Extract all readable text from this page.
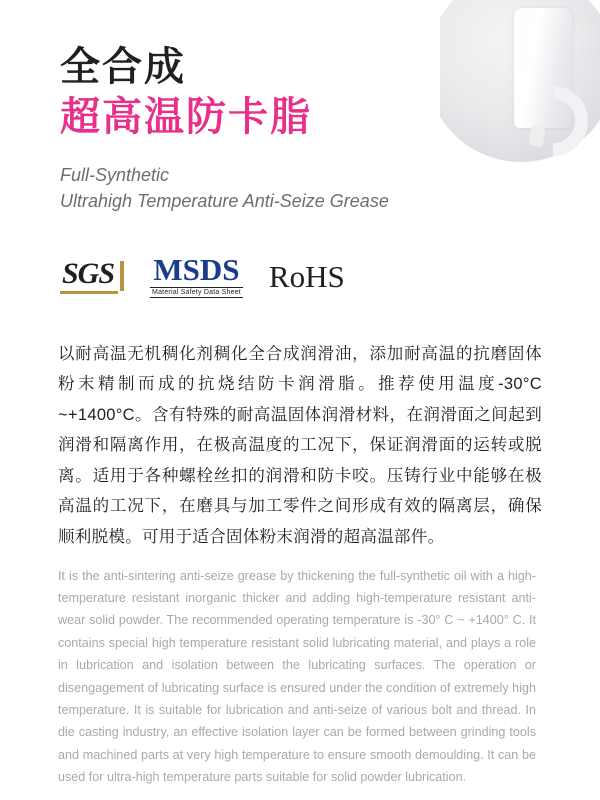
全合成
超高温防卡脂
Full-Synthetic
Ultrahigh Temperature Anti-Seize Grease
SGS MSDS
Material Safety Data Sheet RoHS

以耐高温无机稠化剂稠化全合成润滑油，添加耐高温的抗磨固体粉末精制而成的抗烧结防卡润滑脂。推荐使用温度-30°C ~+1400°C。含有特殊的耐高温固体润滑材料，在润滑面之间起到润滑和隔离作用，在极高温度的工况下，保证润滑面的运转或脱离。适用于各种螺栓丝扣的润滑和防卡咬。压铸行业中能够在极高温的工况下，在磨具与加工零件之间形成有效的隔离层，确保顺利脱模。可用于适合固体粉末润滑的超高温部件。

It is the anti-sintering anti-seize grease by thickening the full-synthetic oil with a high-temperature resistant inorganic thicker and adding high-temperature resistant anti-wear solid powder. The recommended operating temperature is -30° C ~ +1400° C. It contains special high temperature resistant solid lubricating material, and plays a role in lubrication and isolation between the lubricating surfaces. The operation or disengagement of lubricating surface is ensured under the condition of extremely high temperature. It is suitable for lubrication and anti-seize of various bolt and thread. In die casting industry, an effective isolation layer can be formed between grinding tools and machined parts at very high temperature to ensure smooth demoulding. It can be used for ultra-high temperature parts suitable for solid powder lubrication.
